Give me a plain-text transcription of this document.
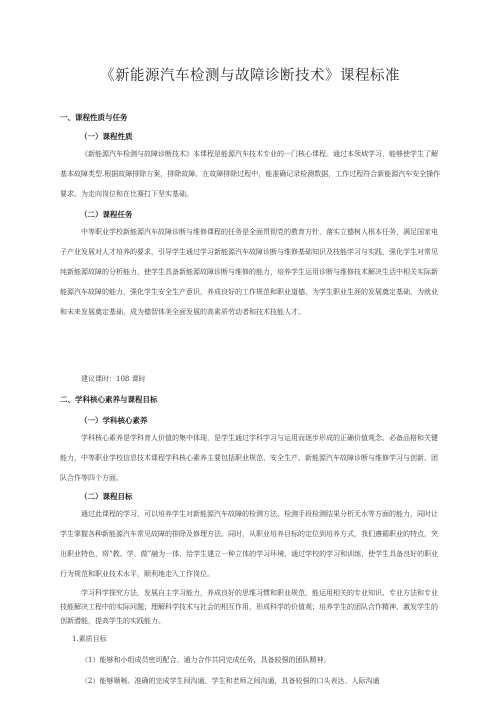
《新能源汽车检测与故障诊断技术》课程标准
一、课程性质与任务
（一）课程性质

《新能源汽车检测与故障诊断技术》本课程是能源汽车技术专业的一门核心课程。通过本领域学习，能够使学生了解基本故障类型.根据故障排除方案，排除故障。在故障排除过程中，能准确记录检测数据，工作过程符合新能源汽车安全操作要求。为走向岗位和在比赛打下坚实基础。

（二）课程任务

中等职业学校新能源汽车故障诊断与维修课程的任务是全面贯彻党的教育方针，落实立德树人根本任务，满足国家电子产业发展对人才培养的要求，引导学生通过学习新能源汽车故障诊断与维修基础知识及技能学习与实践，强化学生对常见纯新能源故障的分析能力，使学生具备新能源故障诊断与维修的能力，培养学生运用诊断与维修技术解决生活中相关实际新能源汽车故障的能力，强化学生安全生产意识，养成良好的工作规范和职业道德，为学生职业生涯的发展奠定基础，为就业和未来发展奠定基础，成为德智体美全面发展的高素质劳动者和技术技能人才。

建议课时：108 课时
二、学科核心素养与课程目标
（一）学科核心素养

学科核心素养是学科育人价值的集中体现，是学生通过学科学习与运用而逐步形成的正确价值观念、必备品格和关键能力，中等职业学校信息技术课程学科核心素养主要包括职业规范、安全生产、新能源汽车故障诊断与维修学习与创新、团队合作等四个方面。

（二）课程目标

通过此课程的学习，可以培养学生对新能源汽车故障的检测方法、检测手段检测结果分析无水等方面的能力，同时让学生掌握各种新能源汽车常见故障的排除及修理方法。同时，从职业培养目标的定位到培养方式，我们遵循职业的特点，突出职业特色，将“教、学、做”融为一体，给学生建立一种立体的学习环境，通过学校的学习和训练，使学生具备良好的职业行为规范和职业技术水平，顺利地走入工作岗位。

学习科学探究方法，发展自主学习能力，养成良好的思维习惯和职业规范，能运用相关的专业知识、专业方法和专业技能解决工程中的实际问题；理解科学技术与社会的相互作用，形成科学的价值观；培养学生的团队合作精神，激发学生的创新潜能，提高学生的实践能力。

1.素质目标
（1）能够和小组成员密切配合、通力合作共同完成任务，具备较强的团队精神。
（2）能够顺畅、准确的完成学生间沟通、学生和老师之间沟通，具备较强的口头表达、人际沟通
